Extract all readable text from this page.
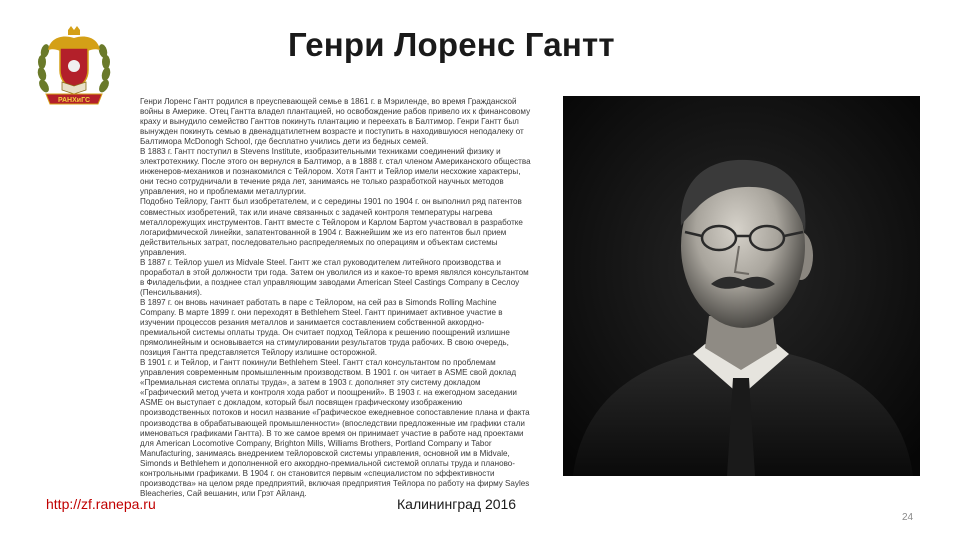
РАНХиГС
Генри Лоренс Гантт

Генри Лоренс Гантт родился в преуспевающей семье в 1861 г. в Мэриленде, во время Гражданской войны в Америке. Отец Гантта владел плантацией, но освобождение рабов привело их к финансовому краху и вынудило семейство Ганттов покинуть плантацию и переехать в Балтимор. Генри Гантт был вынужден покинуть семью в двенадцатилетнем возрасте и поступить в находившуюся неподалеку от Балтимора McDonogh School, где бесплатно учились дети из бедных семей.

В 1883 г. Гантт поступил в Stevens Institute, изобразительными техниками соединений физику и электротехнику. После этого он вернулся в Балтимор, а в 1888 г. стал членом Американского общества инженеров-механиков и познакомился с Тейлором. Хотя Гантт и Тейлор имели несхожие характеры, они тесно сотрудничали в течение ряда лет, занимаясь не только разработкой научных методов управления, но и проблемами металлургии.

Подобно Тейлору, Гантт был изобретателем, и с середины 1901 по 1904 г. он выполнил ряд патентов совместных изобретений, так или иначе связанных с задачей контроля температуры нагрева металлорежущих инструментов. Гантт вместе с Тейлором и Карлом Бартом участвовал в разработке логарифмической линейки, запатентованной в 1904 г. Важнейшим же из его патентов был прием действительных затрат, последовательно распределяемых по операциям и объектам системы управления.

В 1887 г. Тейлор ушел из Midvale Steel. Гантт же стал руководителем литейного производства и проработал в этой должности три года. Затем он уволился из и какое-то время являлся консультантом в Филадельфии, а позднее стал управляющим заводами American Steel Castings Company в Сеслоу (Пенсильвания).

В 1897 г. он вновь начинает работать в паре с Тейлором, на сей раз в Simonds Rolling Machine Company. В марте 1899 г. они переходят в Bethlehem Steel. Гантт принимает активное участие в изучении процессов резания металлов и занимается составлением собственной аккордно-премиальной системы оплаты труда. Он считает подход Тейлора к решению поощрений излишне прямолинейным и основывается на стимулировании результатов труда рабочих. В свою очередь, позиция Гантта представляется Тейлору излишне осторожной.

В 1901 г. и Тейлор, и Гантт покинули Bethlehem Steel. Гантт стал консультантом по проблемам управления современным промышленным производством. В 1901 г. он читает в ASME свой доклад «Премиальная система оплаты труда», а затем в 1903 г. дополняет эту систему докладом «Графический метод учета и контроля хода работ и поощрений». В 1903 г. на ежегодном заседании ASME он выступает с докладом, который был посвящен графическому изображению производственных потоков и носил название «Графическое ежедневное сопоставление плана и факта производства в обрабатывающей промышленности» (впоследствии предложенные им графики стали именоваться графиками Гантта). В то же самое время он принимает участие в работе над проектами для American Locomotive Company, Brighton Mills, Williams Brothers, Portland Company и Tabor Manufacturing, занимаясь внедрением тейлоровской системы управления, основной им в Midvale, Simonds и Bethlehem и дополненной его аккордно-премиальной системой оплаты труда и планово-контрольными графиками. В 1904 г. он становится первым «специалистом по эффективности производства» на целом ряде предприятий, включая предприятия Тейлора по работу на фирму Sayles Bleacheries, Сай вешанин, или Грэт Айланд.

http://zf.ranepa.ru	Калининград 2016
24
